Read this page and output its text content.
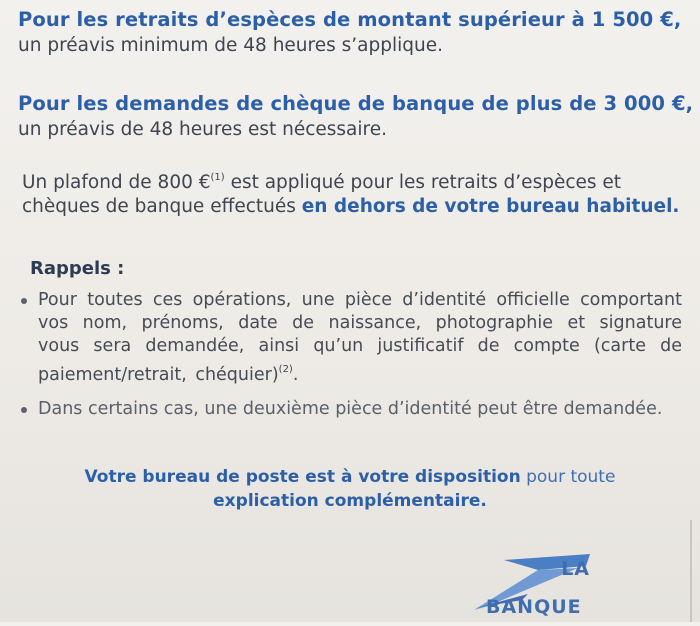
Pour les retraits d’espèces de montant supérieur à 1 500 €,
un préavis minimum de 48 heures s’applique.
Pour les demandes de chèque de banque de plus de 3 000 €,
un préavis de 48 heures est nécessaire.
Un plafond de 800 €$^{(1)}$ est appliqué pour les retraits d’espèces et
chèques de banque effectués en dehors de votre bureau habituel.
Rappels :
Pour toutes ces opérations, une pièce d’identité officielle comportant vos nom, prénoms, date de naissance, photographie et signature vous sera demandée, ainsi qu’un justificatif de compte (carte de paiement/retrait, chéquier)$^{(2)}$.
Dans certains cas, une deuxième pièce d’identité peut être demandée.
Votre bureau de poste est à votre disposition pour toute
explication complémentaire.
LA
BANQUE
